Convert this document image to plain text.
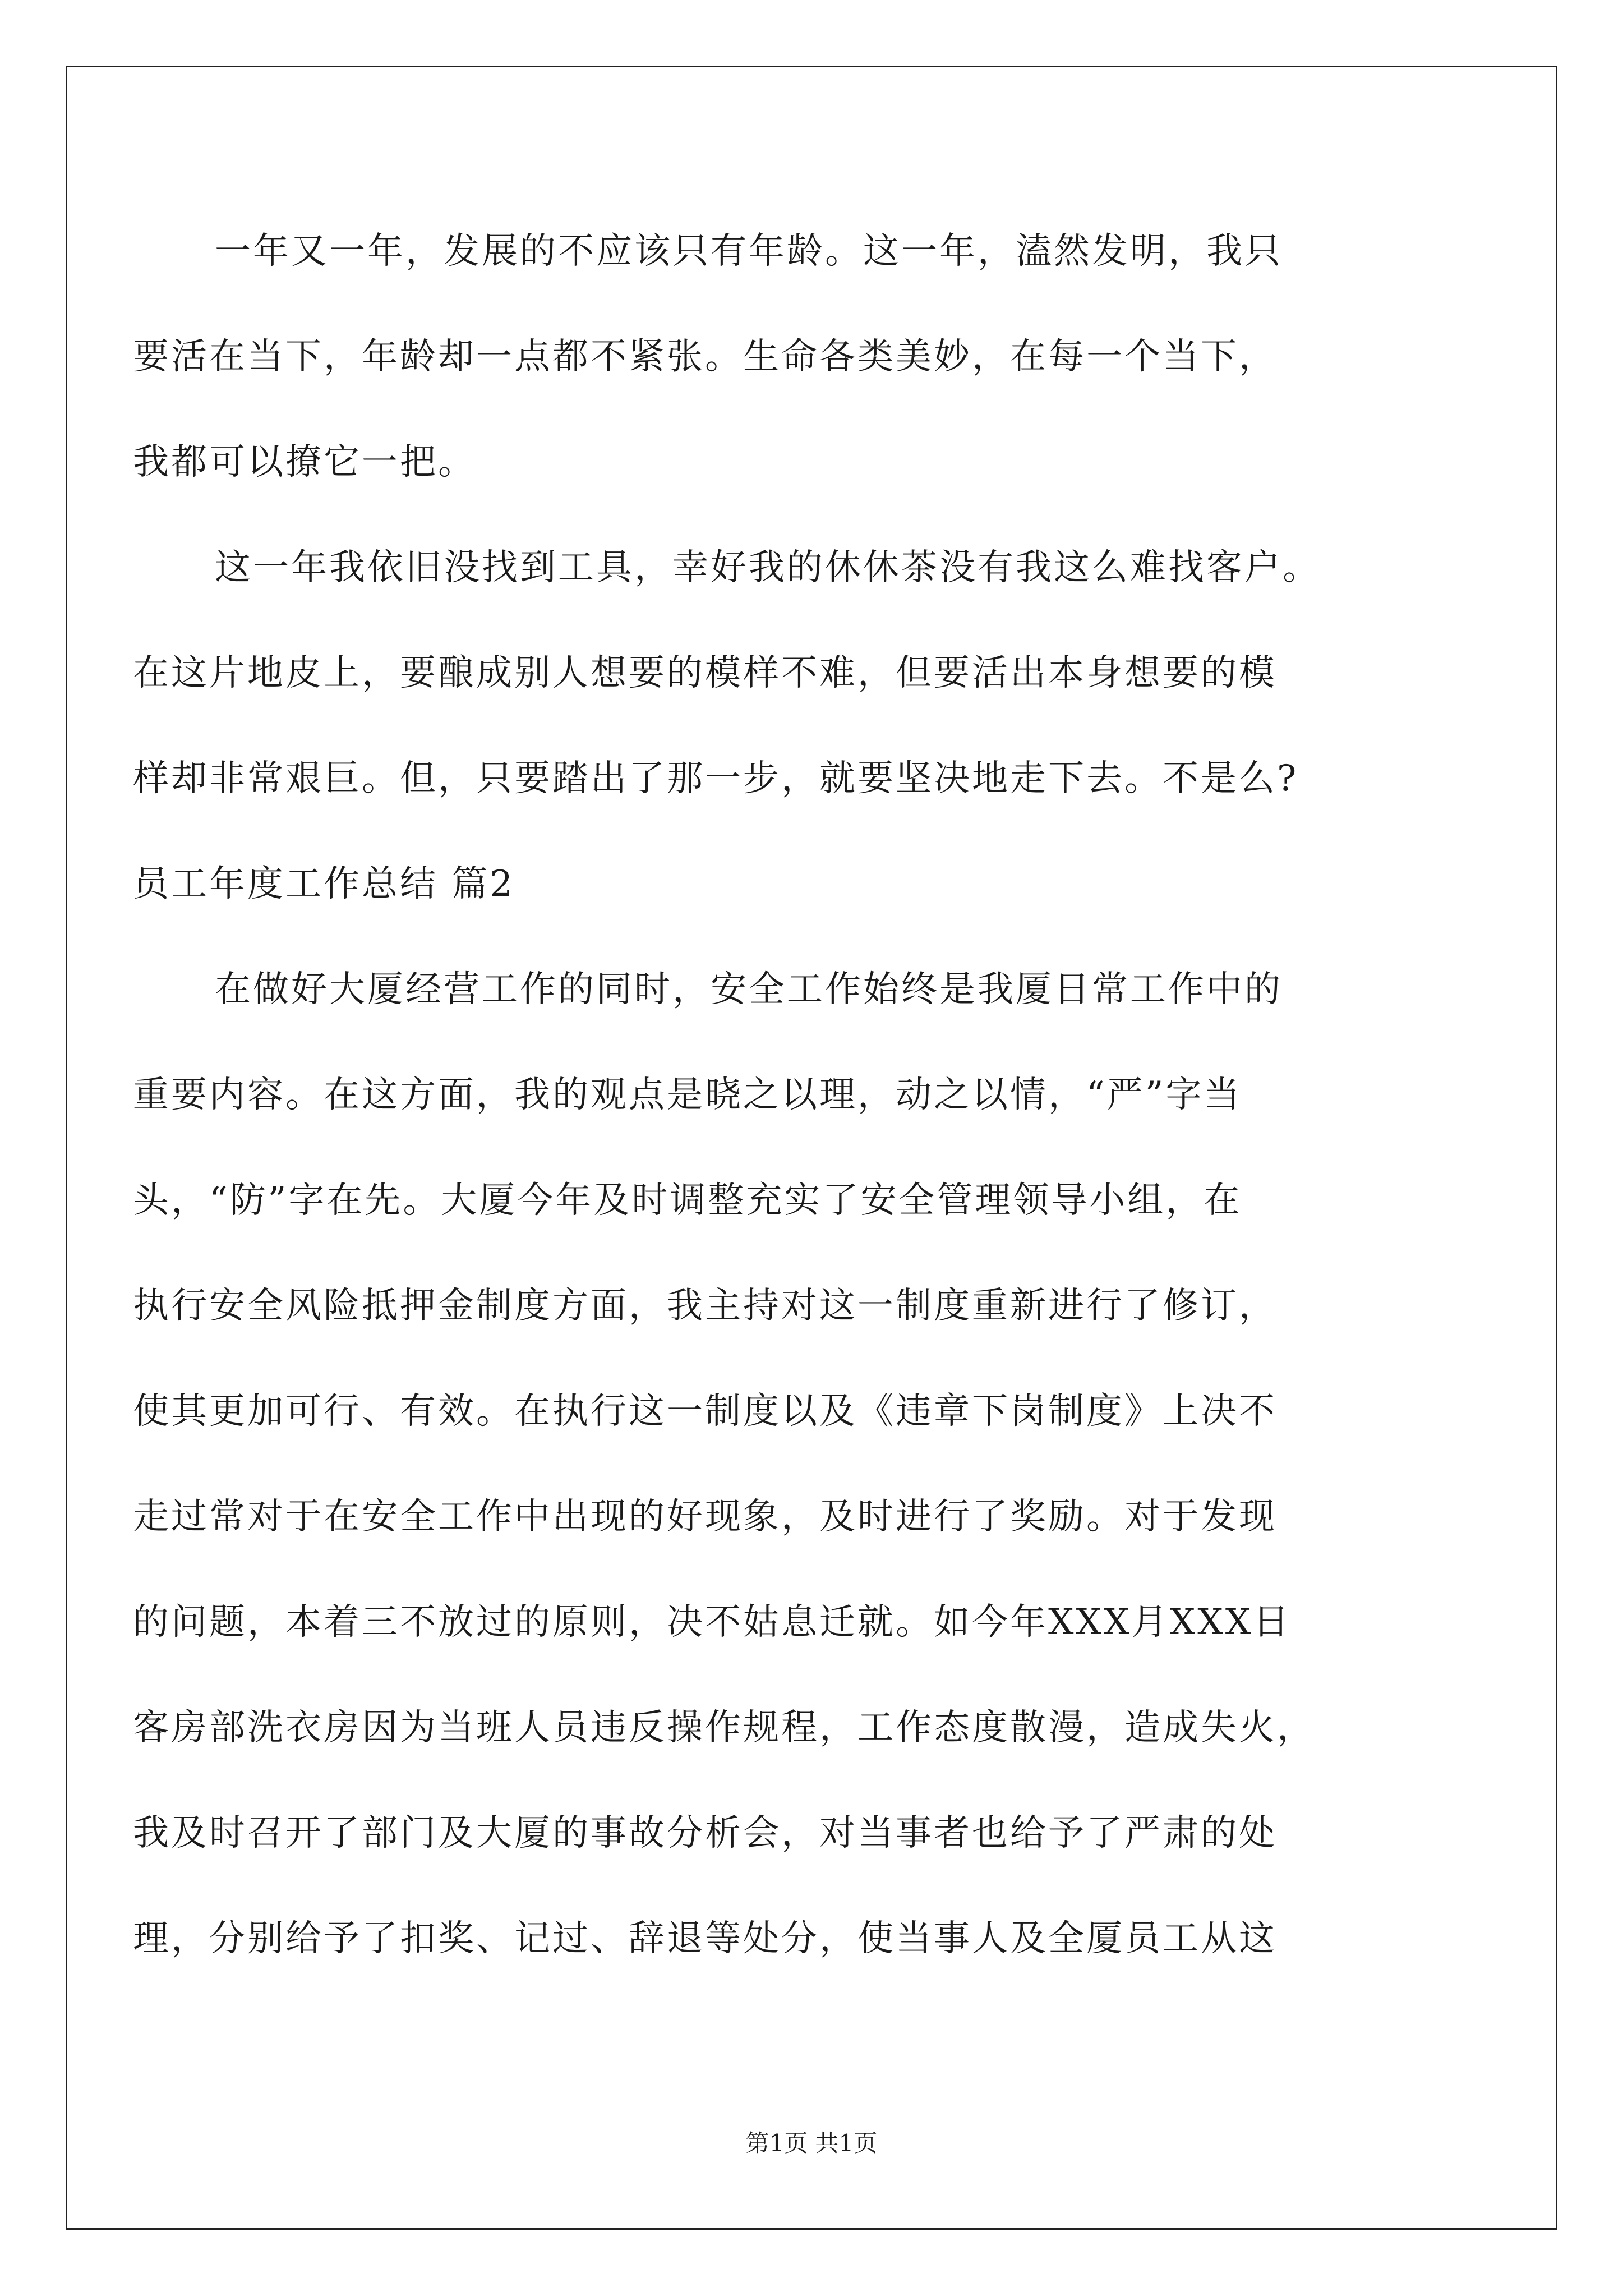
一年又一年，发展的不应该只有年龄。这一年，溘然发明，我只
要活在当下，年龄却一点都不紧张。生命各类美妙，在每一个当下，
我都可以撩它一把。
这一年我依旧没找到工具，幸好我的休休茶没有我这么难找客户。
在这片地皮上，要酿成别人想要的模样不难，但要活出本身想要的模
样却非常艰巨。但，只要踏出了那一步，就要坚决地走下去。不是么?
员工年度工作总结 篇2
在做好大厦经营工作的同时，安全工作始终是我厦日常工作中的
重要内容。在这方面，我的观点是晓之以理，动之以情，“严”字当
头，“防”字在先。大厦今年及时调整充实了安全管理领导小组，在
执行安全风险抵押金制度方面，我主持对这一制度重新进行了修订，
使其更加可行、有效。在执行这一制度以及《违章下岗制度》上决不
走过常对于在安全工作中出现的好现象，及时进行了奖励。对于发现
的问题，本着三不放过的原则，决不姑息迁就。如今年XXX月XXX日
客房部洗衣房因为当班人员违反操作规程，工作态度散漫，造成失火，
我及时召开了部门及大厦的事故分析会，对当事者也给予了严肃的处
理，分别给予了扣奖、记过、辞退等处分，使当事人及全厦员工从这
第1页 共1页
